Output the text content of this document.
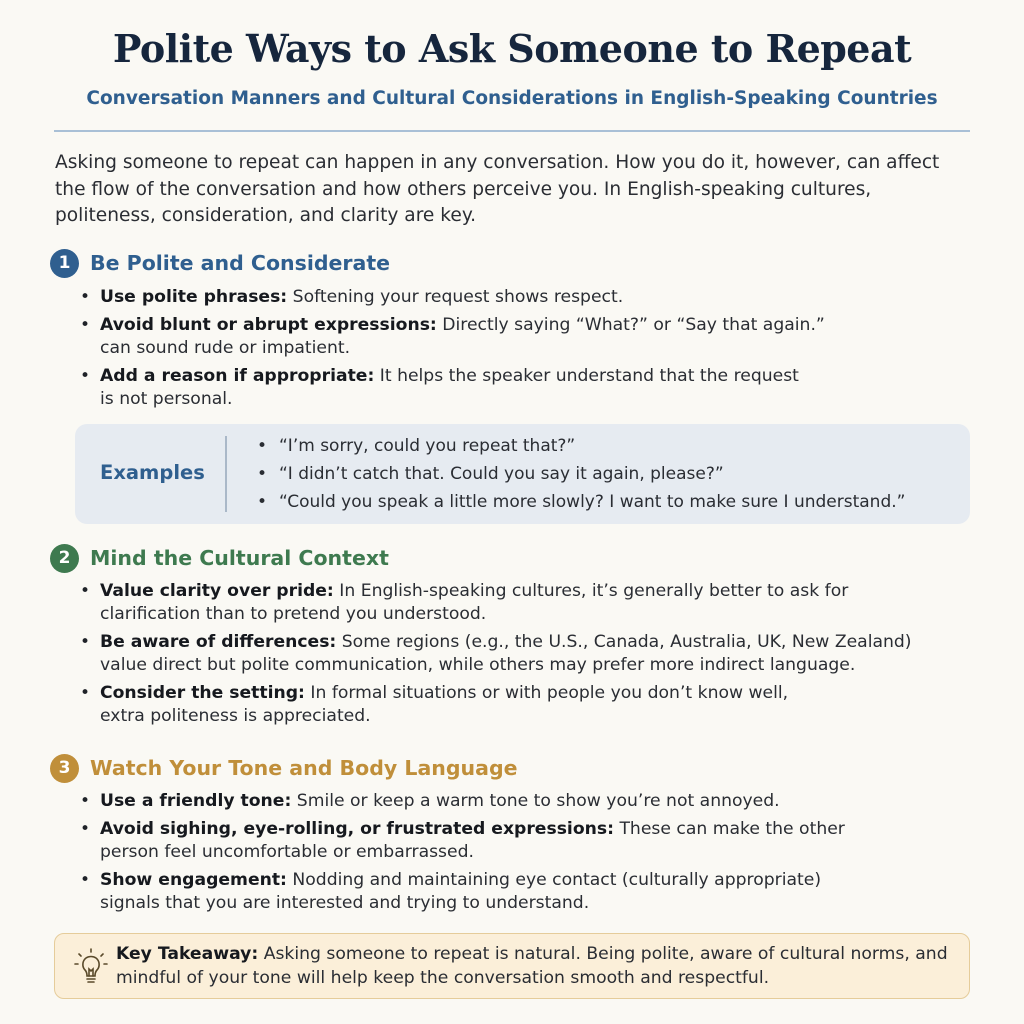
Polite Ways to Ask Someone to Repeat
Conversation Manners and Cultural Considerations in English-Speaking Countries

Asking someone to repeat can happen in any conversation. How you do it, however, can affect the flow of the conversation and how others perceive you. In English-speaking cultures, politeness, consideration, and clarity are key.

1 Be Polite and Considerate
• Use polite phrases: Softening your request shows respect.
• Avoid blunt or abrupt expressions: Directly saying “What?” or “Say that again.” can sound rude or impatient.
• Add a reason if appropriate: It helps the speaker understand that the request is not personal.
Examples
• “I’m sorry, could you repeat that?”
• “I didn’t catch that. Could you say it again, please?”
• “Could you speak a little more slowly? I want to make sure I understand.”
2 Mind the Cultural Context
• Value clarity over pride: In English-speaking cultures, it’s generally better to ask for clarification than to pretend you understood.
• Be aware of differences: Some regions (e.g., the U.S., Canada, Australia, UK, New Zealand) value direct but polite communication, while others may prefer more indirect language.
• Consider the setting: In formal situations or with people you don’t know well, extra politeness is appreciated.
3 Watch Your Tone and Body Language
• Use a friendly tone: Smile or keep a warm tone to show you’re not annoyed.
• Avoid sighing, eye-rolling, or frustrated expressions: These can make the other person feel uncomfortable or embarrassed.
• Show engagement: Nodding and maintaining eye contact (culturally appropriate) signals that you are interested and trying to understand.

Key Takeaway: Asking someone to repeat is natural. Being polite, aware of cultural norms, and mindful of your tone will help keep the conversation smooth and respectful.
